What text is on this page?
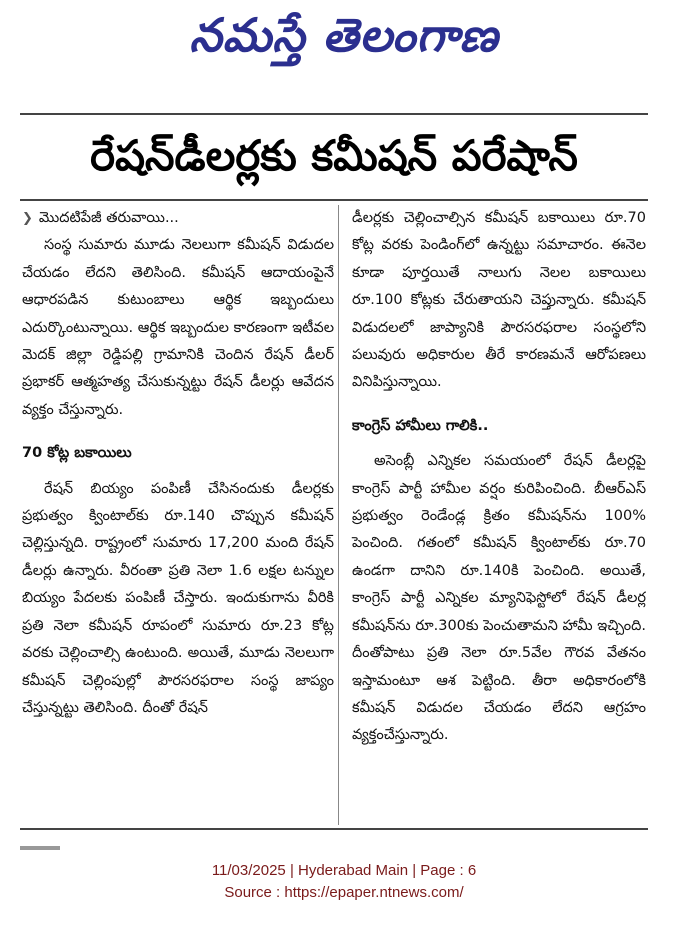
నమస్తే తెలంగాణ
రేషన్‌డీలర్లకు కమీషన్ పరేషాన్

❯ మొదటిపేజీ తరువాయి...

సంస్థ సుమారు మూడు నెలలుగా కమీషన్ విడుదల చేయడం లేదని తెలిసింది. కమీషన్ ఆదాయంపైనే ఆధారపడిన కుటుంబాలు ఆర్థిక ఇబ్బందులు ఎదుర్కొంటున్నాయి. ఆర్థిక ఇబ్బందుల కారణంగా ఇటీవల మెదక్ జిల్లా రెడ్డిపల్లి గ్రామానికి చెందిన రేషన్ డీలర్ ప్రభాకర్ ఆత్మహత్య చేసుకున్నట్టు రేషన్ డీలర్లు ఆవేదన వ్యక్తం చేస్తున్నారు.

70 కోట్ల బకాయిలు

రేషన్ బియ్యం పంపిణీ చేసినందుకు డీలర్లకు ప్రభుత్వం క్వింటాల్‌కు రూ.140 చొప్పున కమీషన్ చెల్లిస్తున్నది. రాష్ట్రంలో సుమారు 17,200 మంది రేషన్ డీలర్లు ఉన్నారు. వీరంతా ప్రతి నెలా 1.6 లక్షల టన్నుల బియ్యం పేదలకు పంపిణీ చేస్తారు. ఇందుకుగాను వీరికి ప్రతి నెలా కమీషన్ రూపంలో సుమారు రూ.23 కోట్ల వరకు చెల్లించాల్సి ఉంటుంది. అయితే, మూడు నెలలుగా కమీషన్ చెల్లింపుల్లో పౌరసరఫరాల సంస్థ జాప్యం చేస్తున్నట్టు తెలిసింది. దీంతో రేషన్

డీలర్లకు చెల్లించాల్సిన కమీషన్ బకాయిలు రూ.70 కోట్ల వరకు పెండింగ్‌లో ఉన్నట్టు సమాచారం. ఈనెల కూడా పూర్తయితే నాలుగు నెలల బకాయిలు రూ.100 కోట్లకు చేరుతాయని చెప్తున్నారు. కమీషన్ విడుదలలో జాప్యానికి పౌరసరఫరాల సంస్థలోని పలువురు అధికారుల తీరే కారణమనే ఆరోపణలు వినిపిస్తున్నాయి.

కాంగ్రెస్ హామీలు గాలికి..

అసెంబ్లీ ఎన్నికల సమయంలో రేషన్ డీలర్లపై కాంగ్రెస్ పార్టీ హామీల వర్షం కురిపించింది. బీఆర్‌ఎస్ ప్రభుత్వం రెండేండ్ల క్రితం కమీషన్‌ను 100% పెంచింది. గతంలో కమీషన్ క్వింటాల్‌కు రూ.70 ఉండగా దానిని రూ.140కి పెంచింది. అయితే, కాంగ్రెస్ పార్టీ ఎన్నికల మ్యానిఫెస్టోలో రేషన్ డీలర్ల కమీషన్‌ను రూ.300కు పెంచుతామని హామీ ఇచ్చింది. దీంతోపాటు ప్రతి నెలా రూ.5వేల గౌరవ వేతనం ఇస్తామంటూ ఆశ పెట్టింది. తీరా అధికారంలోకి కమీషన్ విడుదల చేయడం లేదని ఆగ్రహం వ్యక్తంచేస్తున్నారు.

11/03/2025 | Hyderabad Main | Page : 6
Source : https://epaper.ntnews.com/
